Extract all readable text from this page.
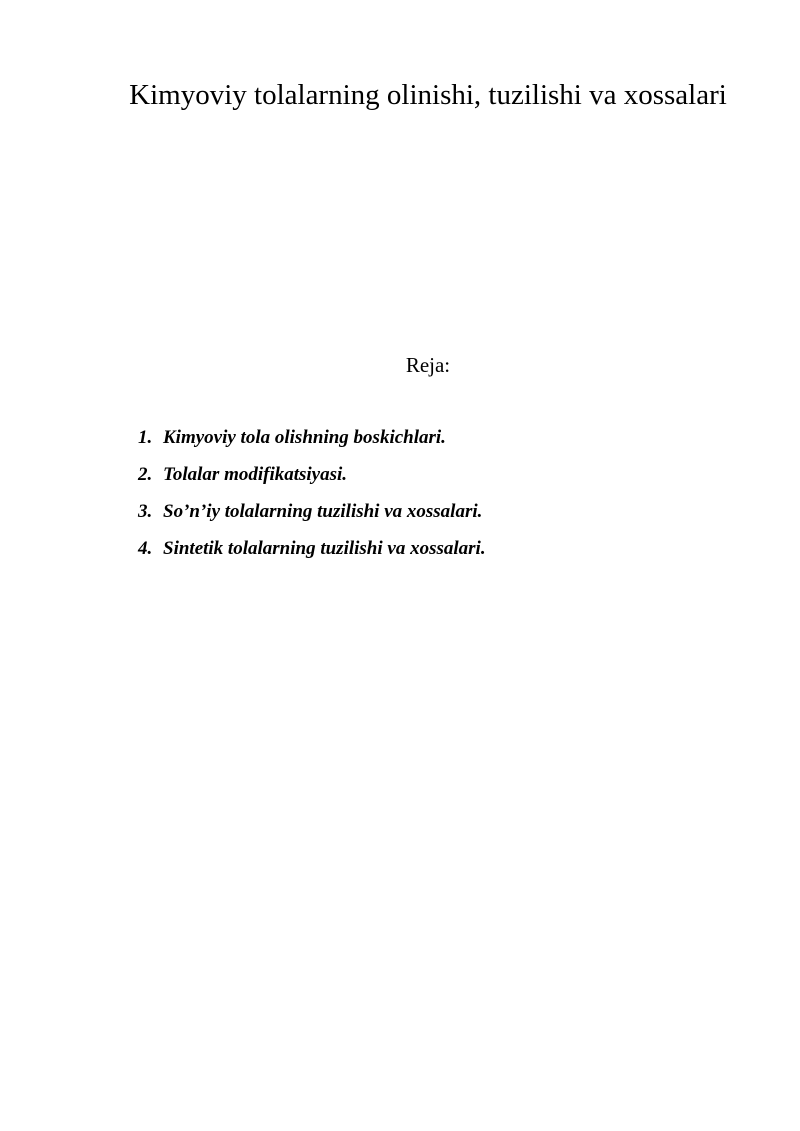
Kimyoviy tolalarning olinishi, tuzilishi va xossalari

Reja:

1. Kimyoviy tola olishning boskichlari.
2. Tolalar modifikatsiyasi.
3. So’n’iy tolalarning tuzilishi va xossalari.
4. Sintetik tolalarning tuzilishi va xossalari.
